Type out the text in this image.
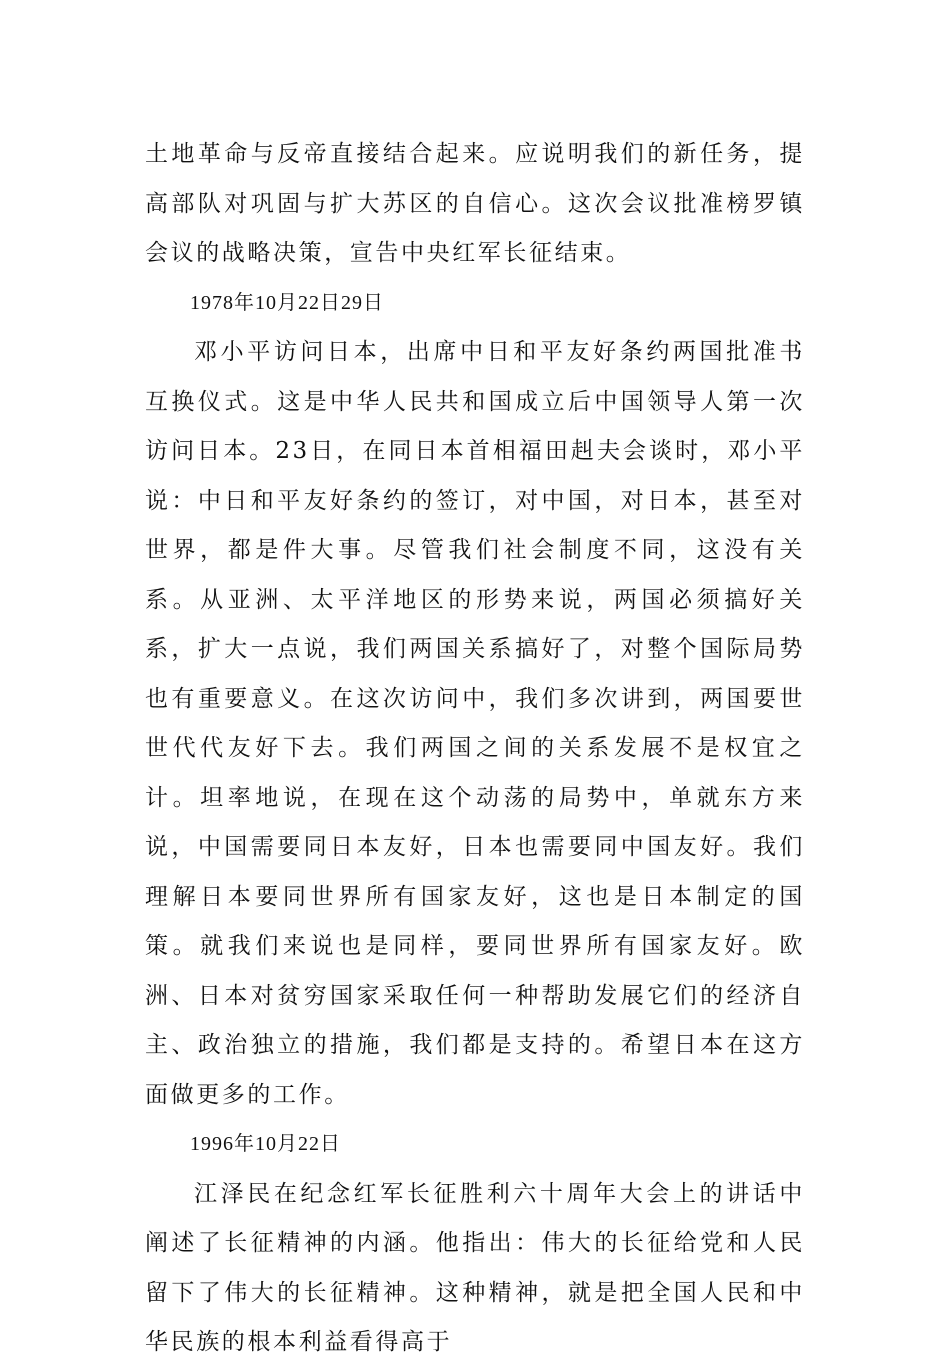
土地革命与反帝直接结合起来。应说明我们的新任务，提高部队对巩固与扩大苏区的自信心。这次会议批准榜罗镇会议的战略决策，宣告中央红军长征结束。

1978年10月22日29日

邓小平访问日本，出席中日和平友好条约两国批准书互换仪式。这是中华人民共和国成立后中国领导人第一次访问日本。23日，在同日本首相福田赳夫会谈时，邓小平说：中日和平友好条约的签订，对中国，对日本，甚至对世界，都是件大事。尽管我们社会制度不同，这没有关系。从亚洲、太平洋地区的形势来说，两国必须搞好关系，扩大一点说，我们两国关系搞好了，对整个国际局势也有重要意义。在这次访问中，我们多次讲到，两国要世世代代友好下去。我们两国之间的关系发展不是权宜之计。坦率地说，在现在这个动荡的局势中，单就东方来说，中国需要同日本友好，日本也需要同中国友好。我们理解日本要同世界所有国家友好，这也是日本制定的国策。就我们来说也是同样，要同世界所有国家友好。欧洲、日本对贫穷国家采取任何一种帮助发展它们的经济自主、政治独立的措施，我们都是支持的。希望日本在这方面做更多的工作。

1996年10月22日

江泽民在纪念红军长征胜利六十周年大会上的讲话中阐述了长征精神的内涵。他指出：伟大的长征给党和人民留下了伟大的长征精神。这种精神，就是把全国人民和中华民族的根本利益看得高于
